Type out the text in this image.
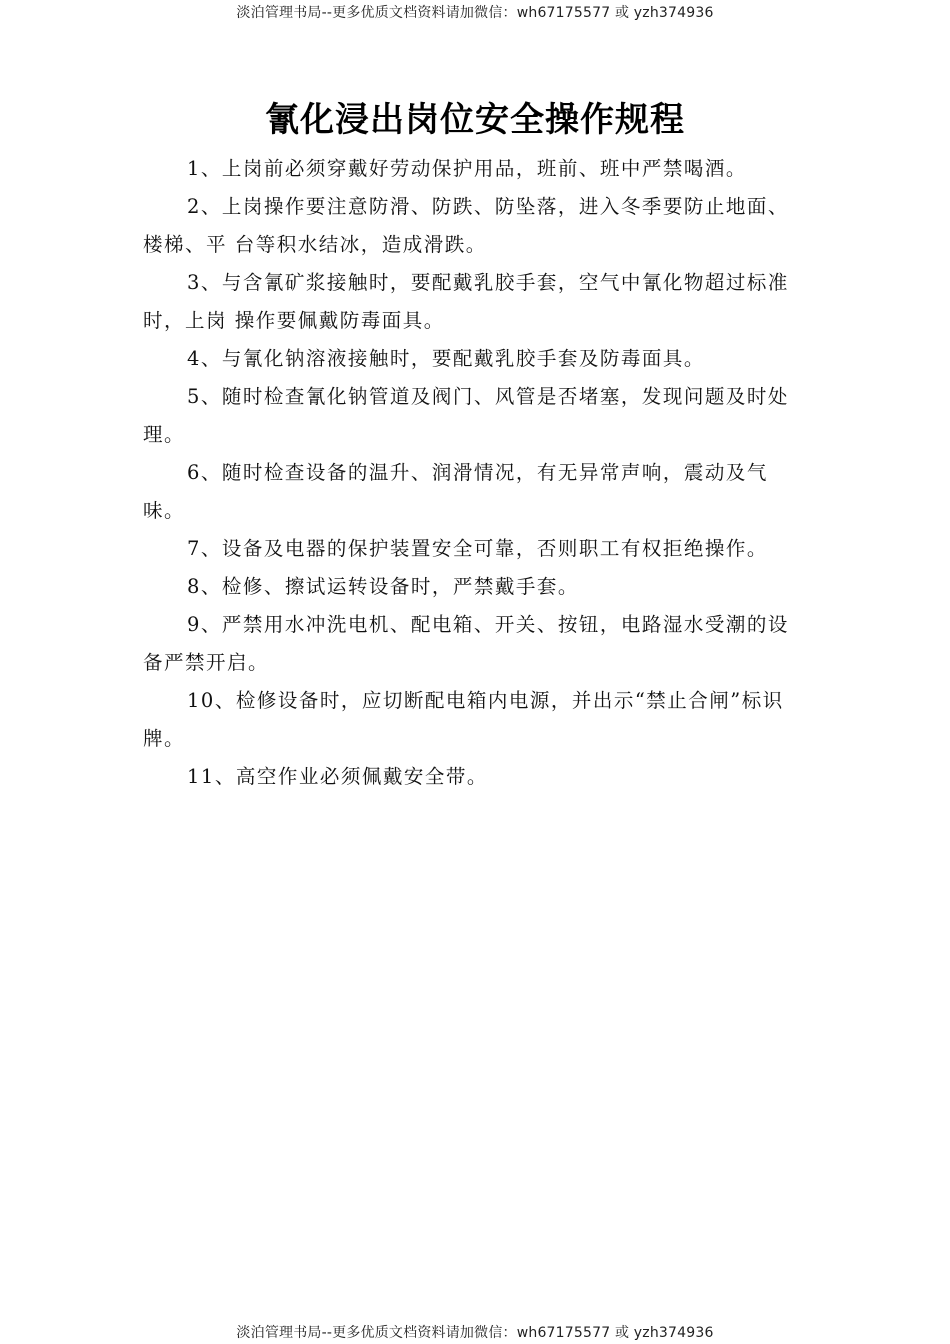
淡泊管理书局--更多优质文档资料请加微信：wh67175577 或 yzh374936
氰化浸出岗位安全操作规程
1、上岗前必须穿戴好劳动保护用品，班前、班中严禁喝酒。
2、上岗操作要注意防滑、防跌、防坠落，进入冬季要防止地面、楼梯、平 台等积水结冰，造成滑跌。
3、与含氰矿浆接触时，要配戴乳胶手套，空气中氰化物超过标准时，上岗 操作要佩戴防毒面具。
4、与氰化钠溶液接触时，要配戴乳胶手套及防毒面具。
5、随时检查氰化钠管道及阀门、风管是否堵塞，发现问题及时处理。
6、随时检查设备的温升、润滑情况，有无异常声响，震动及气味。
7、设备及电器的保护装置安全可靠，否则职工有权拒绝操作。
8、检修、擦试运转设备时，严禁戴手套。
9、严禁用水冲洗电机、配电箱、开关、按钮，电路湿水受潮的设备严禁开启。
10、检修设备时，应切断配电箱内电源，并出示“禁止合闸”标识牌。
11、高空作业必须佩戴安全带。
淡泊管理书局--更多优质文档资料请加微信：wh67175577 或 yzh374936
